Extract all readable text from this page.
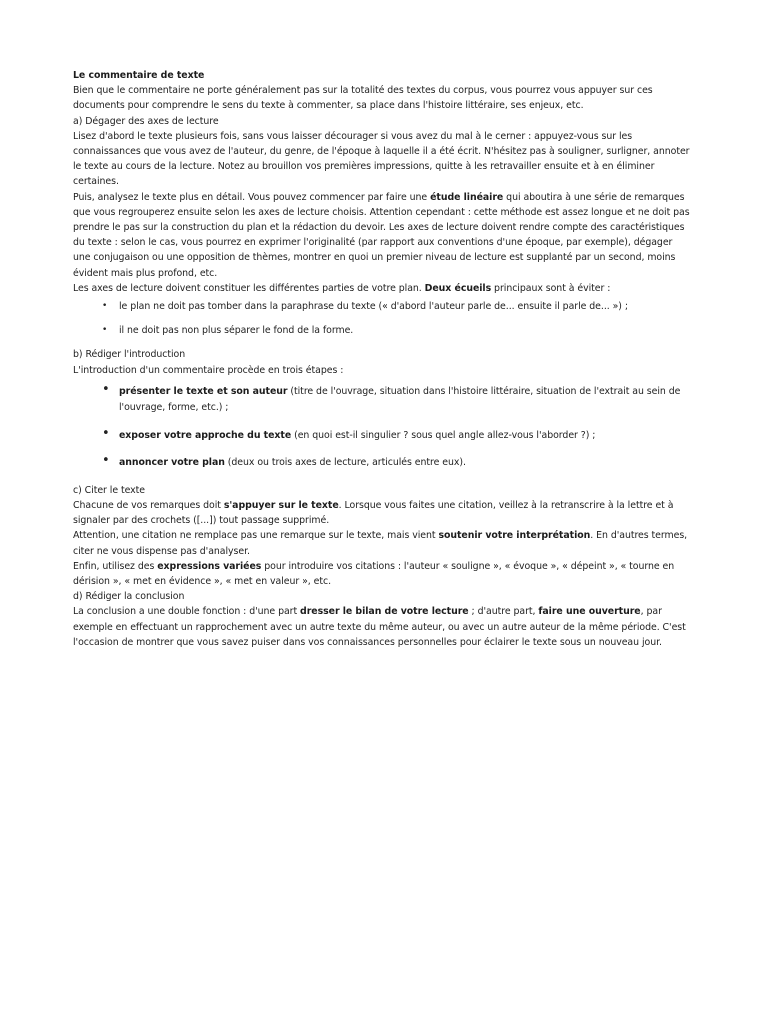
Le commentaire de texte

Bien que le commentaire ne porte généralement pas sur la totalité des textes du corpus, vous pourrez vous appuyer sur ces documents pour comprendre le sens du texte à commenter, sa place dans l'histoire littéraire, ses enjeux, etc.

a) Dégager des axes de lecture

Lisez d'abord le texte plusieurs fois, sans vous laisser décourager si vous avez du mal à le cerner : appuyez-vous sur les connaissances que vous avez de l'auteur, du genre, de l'époque à laquelle il a été écrit. N'hésitez pas à souligner, surligner, annoter le texte au cours de la lecture. Notez au brouillon vos premières impressions, quitte à les retravailler ensuite et à en éliminer certaines.

Puis, analysez le texte plus en détail. Vous pouvez commencer par faire une étude linéaire qui aboutira à une série de remarques que vous regrouperez ensuite selon les axes de lecture choisis. Attention cependant : cette méthode est assez longue et ne doit pas prendre le pas sur la construction du plan et la rédaction du devoir. Les axes de lecture doivent rendre compte des caractéristiques du texte : selon le cas, vous pourrez en exprimer l'originalité (par rapport aux conventions d'une époque, par exemple), dégager une conjugaison ou une opposition de thèmes, montrer en quoi un premier niveau de lecture est supplanté par un second, moins évident mais plus profond, etc.

Les axes de lecture doivent constituer les différentes parties de votre plan. Deux écueils principaux sont à éviter :

• le plan ne doit pas tomber dans la paraphrase du texte (« d'abord l'auteur parle de... ensuite il parle de... ») ;
• il ne doit pas non plus séparer le fond de la forme.

b) Rédiger l'introduction

L'introduction d'un commentaire procède en trois étapes :

• présenter le texte et son auteur (titre de l'ouvrage, situation dans l'histoire littéraire, situation de l'extrait au sein de l'ouvrage, forme, etc.) ;
• exposer votre approche du texte (en quoi est-il singulier ? sous quel angle allez-vous l'aborder ?) ;
• annoncer votre plan (deux ou trois axes de lecture, articulés entre eux).

c) Citer le texte

Chacune de vos remarques doit s'appuyer sur le texte. Lorsque vous faites une citation, veillez à la retranscrire à la lettre et à signaler par des crochets ([...]) tout passage supprimé.

Attention, une citation ne remplace pas une remarque sur le texte, mais vient soutenir votre interprétation. En d'autres termes, citer ne vous dispense pas d'analyser.

Enfin, utilisez des expressions variées pour introduire vos citations : l'auteur « souligne », « évoque », « dépeint », « tourne en dérision », « met en évidence », « met en valeur », etc.

d) Rédiger la conclusion

La conclusion a une double fonction : d'une part dresser le bilan de votre lecture ; d'autre part, faire une ouverture, par exemple en effectuant un rapprochement avec un autre texte du même auteur, ou avec un autre auteur de la même période. C'est l'occasion de montrer que vous savez puiser dans vos connaissances personnelles pour éclairer le texte sous un nouveau jour.
